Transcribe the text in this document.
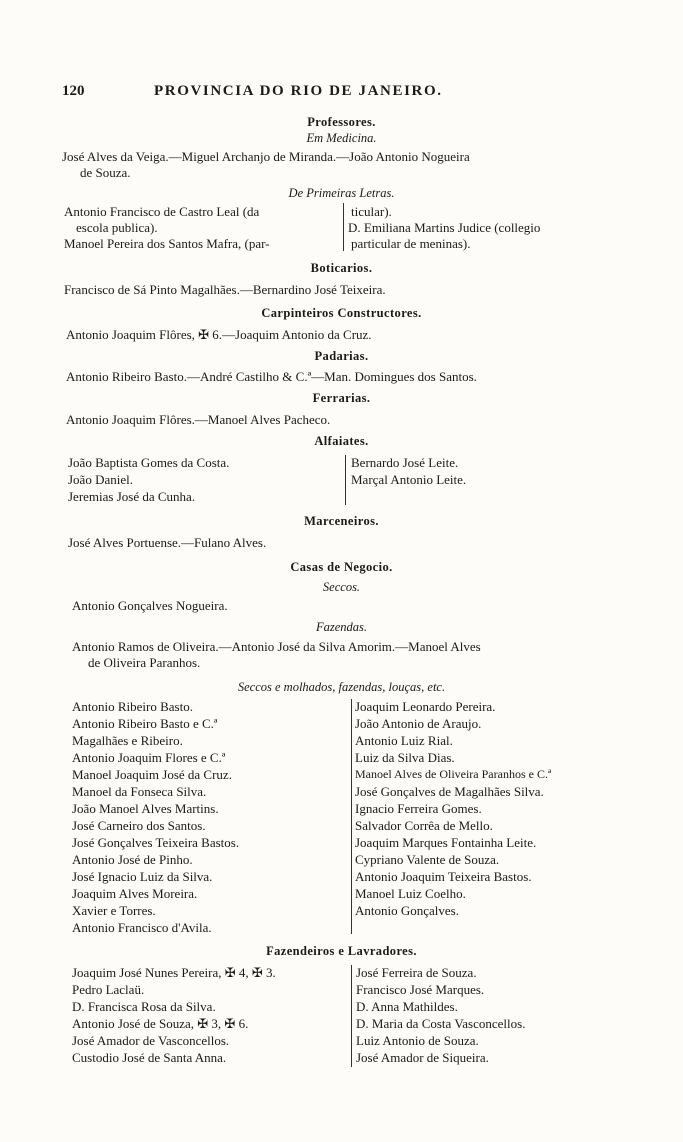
120	PROVINCIA DO RIO DE JANEIRO.
Professores.
Em Medicina.
José Alves da Veiga.—Miguel Archanjo de Miranda.—João Antonio Nogueira
de Souza.
De Primeiras Letras.
Antonio Francisco de Castro Leal (da
escola publica).
Manoel Pereira dos Santos Mafra, (par-
ticular).
D. Emiliana Martins Judice (collegio
particular de meninas).
Boticarios.
Francisco de Sá Pinto Magalhães.—Bernardino José Teixeira.
Carpinteiros Constructores.
Antonio Joaquim Flôres, ✠ 6.—Joaquim Antonio da Cruz.
Padarias.
Antonio Ribeiro Basto.—André Castilho & C.ª—Man. Domingues dos Santos.
Ferrarias.
Antonio Joaquim Flôres.—Manoel Alves Pacheco.
Alfaiates.
João Baptista Gomes da Costa.
João Daniel.
Jeremias José da Cunha.
Bernardo José Leite.
Marçal Antonio Leite.
Marceneiros.
José Alves Portuense.—Fulano Alves.
Casas de Negocio.
Seccos.
Antonio Gonçalves Nogueira.
Fazendas.
Antonio Ramos de Oliveira.—Antonio José da Silva Amorim.—Manoel Alves
de Oliveira Paranhos.
Seccos e molhados, fazendas, louças, etc.
Antonio Ribeiro Basto.
Antonio Ribeiro Basto e C.ª
Magalhães e Ribeiro.
Antonio Joaquim Flores e C.ª
Manoel Joaquim José da Cruz.
Manoel da Fonseca Silva.
João Manoel Alves Martins.
José Carneiro dos Santos.
José Gonçalves Teixeira Bastos.
Antonio José de Pinho.
José Ignacio Luiz da Silva.
Joaquim Alves Moreira.
Xavier e Torres.
Antonio Francisco d'Avila.
Joaquim Leonardo Pereira.
João Antonio de Araujo.
Antonio Luiz Rial.
Luiz da Silva Dias.
Manoel Alves de Oliveira Paranhos e C.ª
José Gonçalves de Magalhães Silva.
Ignacio Ferreira Gomes.
Salvador Corrêa de Mello.
Joaquim Marques Fontainha Leite.
Cypriano Valente de Souza.
Antonio Joaquim Teixeira Bastos.
Manoel Luiz Coelho.
Antonio Gonçalves.
Fazendeiros e Lavradores.
Joaquim José Nunes Pereira, ✠ 4, ✠ 3.
Pedro Laclaü.
D. Francisca Rosa da Silva.
Antonio José de Souza, ✠ 3, ✠ 6.
José Amador de Vasconcellos.
Custodio José de Santa Anna.
José Ferreira de Souza.
Francisco José Marques.
D. Anna Mathildes.
D. Maria da Costa Vasconcellos.
Luiz Antonio de Souza.
José Amador de Siqueira.
